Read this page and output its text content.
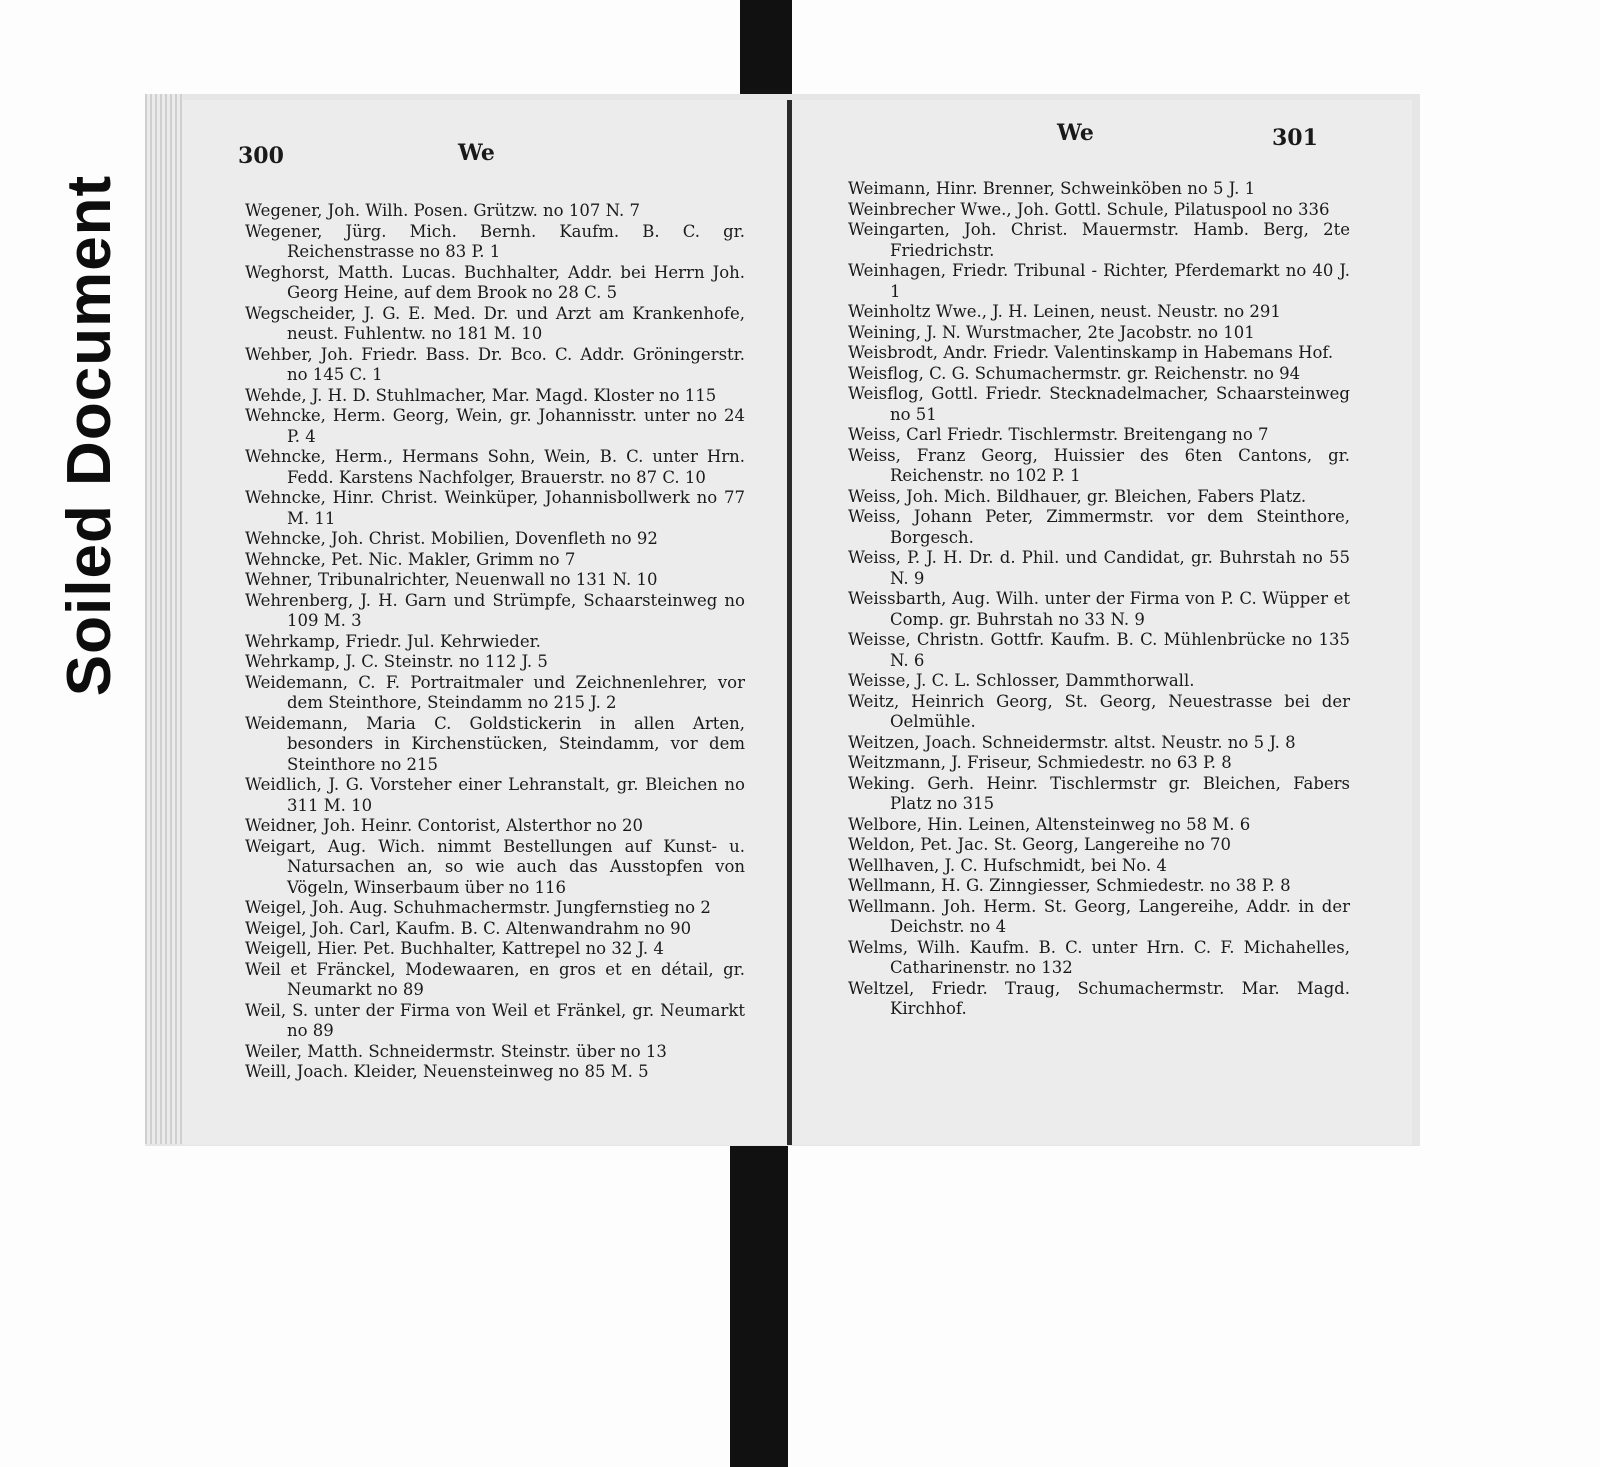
Soiled Document
300	We
We	301
Wegener, Joh. Wilh. Posen. Grützw. no 107 N. 7
Wegener, Jürg. Mich. Bernh. Kaufm. B. C. gr. Reichenstrasse no 83 P. 1
Weghorst, Matth. Lucas. Buchhalter, Addr. bei Herrn Joh. Georg Heine, auf dem Brook no 28 C. 5
Wegscheider, J. G. E. Med. Dr. und Arzt am Krankenhofe, neust. Fuhlentw. no 181 M. 10
Wehber, Joh. Friedr. Bass. Dr. Bco. C. Addr. Gröningerstr. no 145 C. 1
Wehde, J. H. D. Stuhlmacher, Mar. Magd. Kloster no 115
Wehncke, Herm. Georg, Wein, gr. Johannisstr. unter no 24 P. 4
Wehncke, Herm., Hermans Sohn, Wein, B. C. unter Hrn. Fedd. Karstens Nachfolger, Brauerstr. no 87 C. 10
Wehncke, Hinr. Christ. Weinküper, Johannisbollwerk no 77 M. 11
Wehncke, Joh. Christ. Mobilien, Dovenfleth no 92
Wehncke, Pet. Nic. Makler, Grimm no 7
Wehner, Tribunalrichter, Neuenwall no 131 N. 10
Wehrenberg, J. H. Garn und Strümpfe, Schaarsteinweg no 109 M. 3
Wehrkamp, Friedr. Jul. Kehrwieder.
Wehrkamp, J. C. Steinstr. no 112 J. 5
Weidemann, C. F. Portraitmaler und Zeichnenlehrer, vor dem Steinthore, Steindamm no 215 J. 2
Weidemann, Maria C. Goldstickerin in allen Arten, besonders in Kirchenstücken, Steindamm, vor dem Steinthore no 215
Weidlich, J. G. Vorsteher einer Lehranstalt, gr. Bleichen no 311 M. 10
Weidner, Joh. Heinr. Contorist, Alsterthor no 20
Weigart, Aug. Wich. nimmt Bestellungen auf Kunst- u. Natursachen an, so wie auch das Ausstopfen von Vögeln, Winserbaum über no 116
Weigel, Joh. Aug. Schuhmachermstr. Jungfernstieg no 2
Weigel, Joh. Carl, Kaufm. B. C. Altenwandrahm no 90
Weigell, Hier. Pet. Buchhalter, Kattrepel no 32 J. 4
Weil et Fränckel, Modewaaren, en gros et en détail, gr. Neumarkt no 89
Weil, S. unter der Firma von Weil et Fränkel, gr. Neumarkt no 89
Weiler, Matth. Schneidermstr. Steinstr. über no 13
Weill, Joach. Kleider, Neuensteinweg no 85 M. 5
Weimann, Hinr. Brenner, Schweinköben no 5 J. 1
Weinbrecher Wwe., Joh. Gottl. Schule, Pilatuspool no 336
Weingarten, Joh. Christ. Mauermstr. Hamb. Berg, 2te Friedrichstr.
Weinhagen, Friedr. Tribunal - Richter, Pferdemarkt no 40 J. 1
Weinholtz Wwe., J. H. Leinen, neust. Neustr. no 291
Weining, J. N. Wurstmacher, 2te Jacobstr. no 101
Weisbrodt, Andr. Friedr. Valentinskamp in Habemans Hof.
Weisflog, C. G. Schumachermstr. gr. Reichenstr. no 94
Weisflog, Gottl. Friedr. Stecknadelmacher, Schaarsteinweg no 51
Weiss, Carl Friedr. Tischlermstr. Breitengang no 7
Weiss, Franz Georg, Huissier des 6ten Cantons, gr. Reichenstr. no 102 P. 1
Weiss, Joh. Mich. Bildhauer, gr. Bleichen, Fabers Platz.
Weiss, Johann Peter, Zimmermstr. vor dem Steinthore, Borgesch.
Weiss, P. J. H. Dr. d. Phil. und Candidat, gr. Buhrstah no 55 N. 9
Weissbarth, Aug. Wilh. unter der Firma von P. C. Wüpper et Comp. gr. Buhrstah no 33 N. 9
Weisse, Christn. Gottfr. Kaufm. B. C. Mühlenbrücke no 135 N. 6
Weisse, J. C. L. Schlosser, Dammthorwall.
Weitz, Heinrich Georg, St. Georg, Neuestrasse bei der Oelmühle.
Weitzen, Joach. Schneidermstr. altst. Neustr. no 5 J. 8
Weitzmann, J. Friseur, Schmiedestr. no 63 P. 8
Weking. Gerh. Heinr. Tischlermstr gr. Bleichen, Fabers Platz no 315
Welbore, Hin. Leinen, Altensteinweg no 58 M. 6
Weldon, Pet. Jac. St. Georg, Langereihe no 70
Wellhaven, J. C. Hufschmidt, bei No. 4
Wellmann, H. G. Zinngiesser, Schmiedestr. no 38 P. 8
Wellmann. Joh. Herm. St. Georg, Langereihe, Addr. in der Deichstr. no 4
Welms, Wilh. Kaufm. B. C. unter Hrn. C. F. Michahelles, Catharinenstr. no 132
Weltzel, Friedr. Traug, Schumachermstr. Mar. Magd. Kirchhof.
